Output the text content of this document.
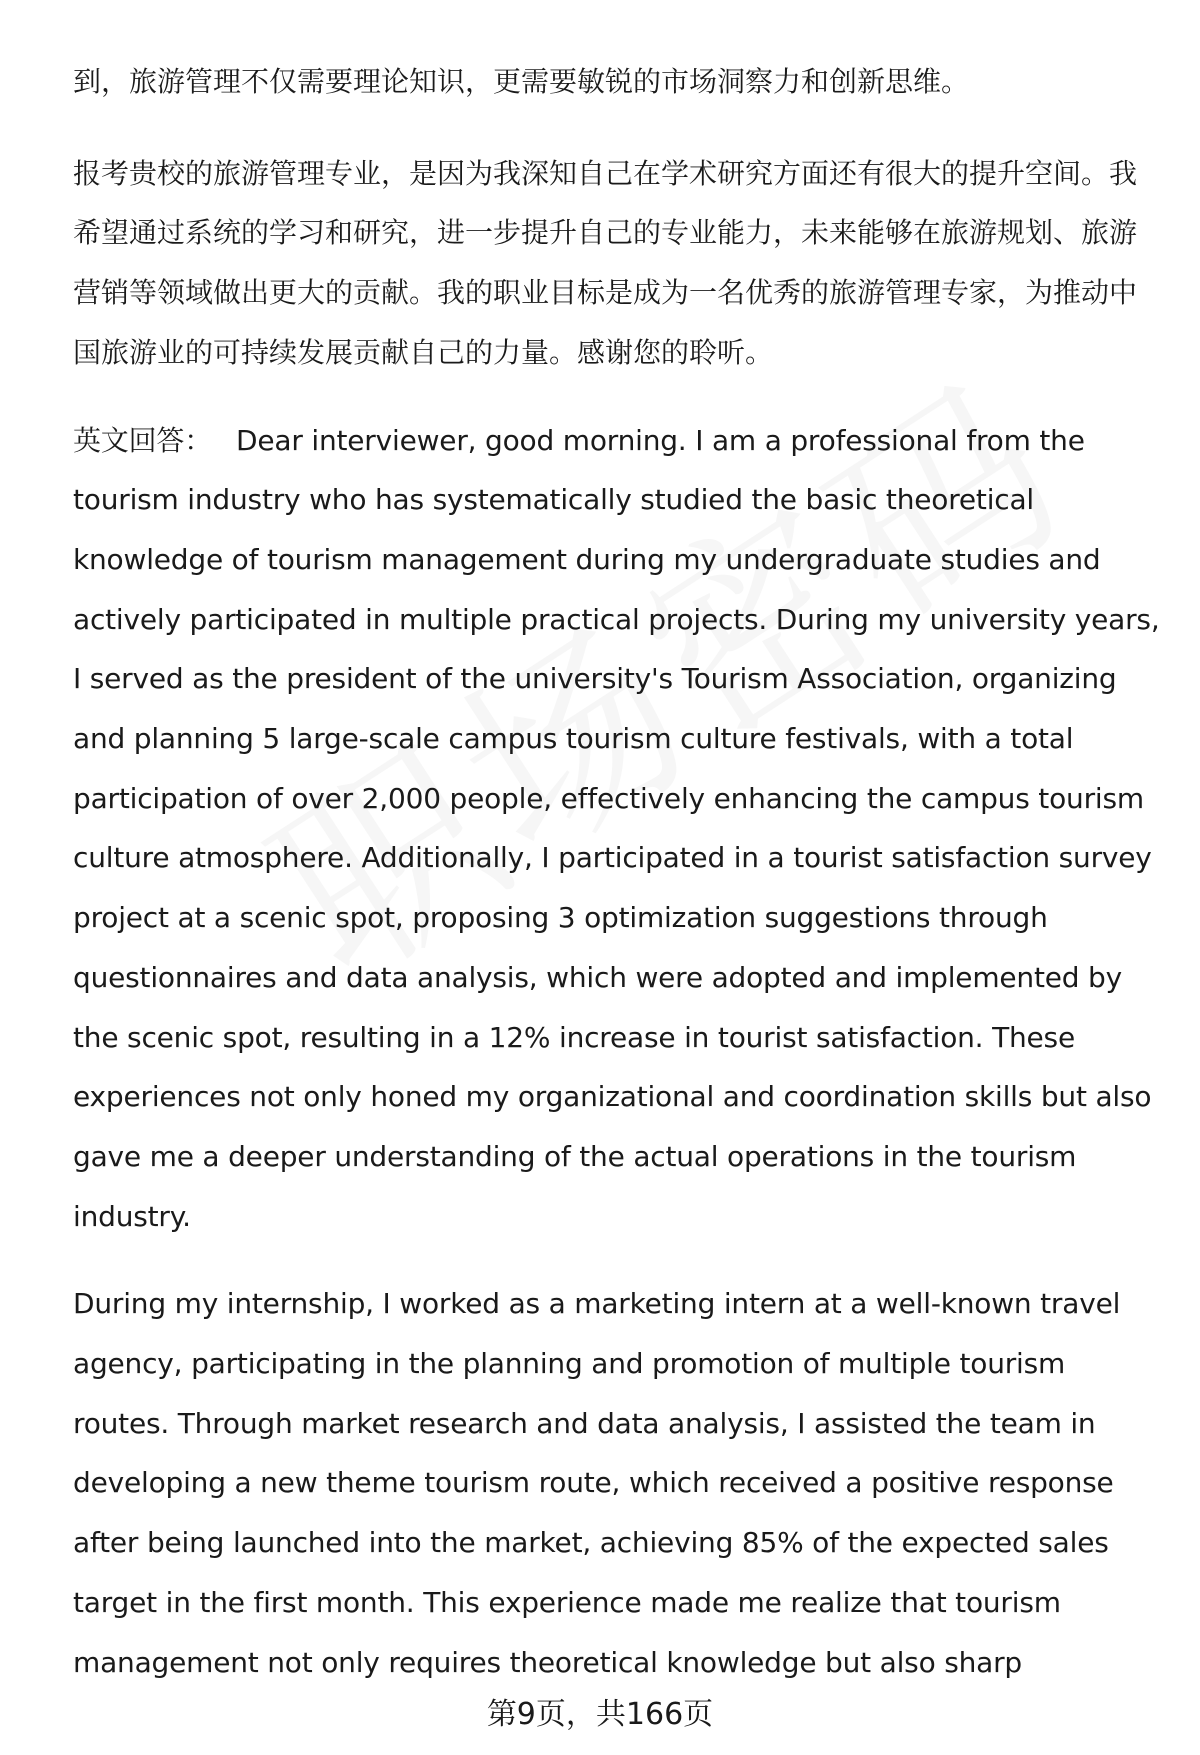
到，旅游管理不仅需要理论知识，更需要敏锐的市场洞察力和创新思维。

报考贵校的旅游管理专业，是因为我深知自己在学术研究方面还有很大的提升空间。我希望通过系统的学习和研究，进一步提升自己的专业能力，未来能够在旅游规划、旅游营销等领域做出更大的贡献。我的职业目标是成为一名优秀的旅游管理专家，为推动中国旅游业的可持续发展贡献自己的力量。感谢您的聆听。

英文回答： Dear interviewer, good morning. I am a professional from the tourism industry who has systematically studied the basic theoretical knowledge of tourism management during my undergraduate studies and actively participated in multiple practical projects. During my university years, I served as the president of the university's Tourism Association, organizing and planning 5 large-scale campus tourism culture festivals, with a total participation of over 2,000 people, effectively enhancing the campus tourism culture atmosphere. Additionally, I participated in a tourist satisfaction survey project at a scenic spot, proposing 3 optimization suggestions through questionnaires and data analysis, which were adopted and implemented by the scenic spot, resulting in a 12% increase in tourist satisfaction. These experiences not only honed my organizational and coordination skills but also gave me a deeper understanding of the actual operations in the tourism industry.

During my internship, I worked as a marketing intern at a well-known travel agency, participating in the planning and promotion of multiple tourism routes. Through market research and data analysis, I assisted the team in developing a new theme tourism route, which received a positive response after being launched into the market, achieving 85% of the expected sales target in the first month. This experience made me realize that tourism management not only requires theoretical knowledge but also sharp

第9页，共166页
